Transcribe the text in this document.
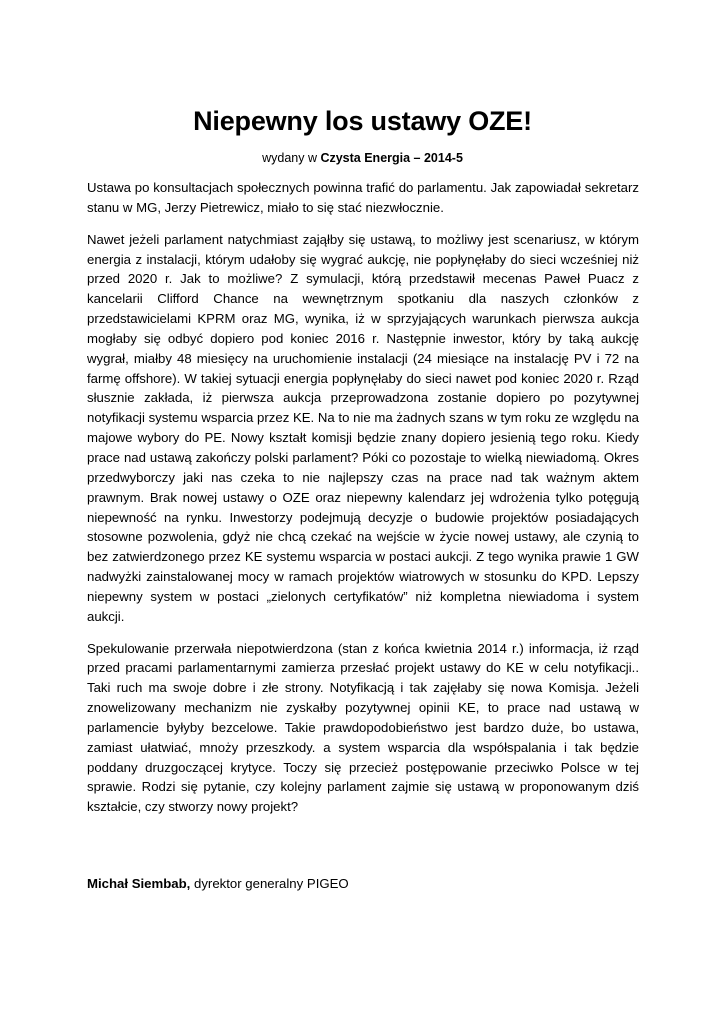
Niepewny los ustawy OZE!
wydany w Czysta Energia – 2014-5

Ustawa po konsultacjach społecznych powinna trafić do parlamentu. Jak zapowiadał sekretarz stanu w MG, Jerzy Pietrewicz, miało to się stać niezwłocznie.

Nawet jeżeli parlament natychmiast zająłby się ustawą, to możliwy jest scenariusz, w którym energia z instalacji, którym udałoby się wygrać aukcję, nie popłynęłaby do sieci wcześniej niż przed 2020 r. Jak to możliwe? Z symulacji, którą przedstawił mecenas Paweł Puacz z kancelarii Clifford Chance na wewnętrznym spotkaniu dla naszych członków z przedstawicielami KPRM oraz MG, wynika, iż w sprzyjających warunkach pierwsza aukcja mogłaby się odbyć dopiero pod koniec 2016 r. Następnie inwestor, który by taką aukcję wygrał, miałby 48 miesięcy na uruchomienie instalacji (24 miesiące na instalację PV i 72 na farmę offshore). W takiej sytuacji energia popłynęłaby do sieci nawet pod koniec 2020 r. Rząd słusznie zakłada, iż pierwsza aukcja przeprowadzona zostanie dopiero po pozytywnej notyfikacji systemu wsparcia przez KE. Na to nie ma żadnych szans w tym roku ze względu na majowe wybory do PE. Nowy kształt komisji będzie znany dopiero jesienią tego roku. Kiedy prace nad ustawą zakończy polski parlament? Póki co pozostaje to wielką niewiadomą. Okres przedwyborczy jaki nas czeka to nie najlepszy czas na prace nad tak ważnym aktem prawnym. Brak nowej ustawy o OZE oraz niepewny kalendarz jej wdrożenia tylko potęgują niepewność na rynku. Inwestorzy podejmują decyzje o budowie projektów posiadających stosowne pozwolenia, gdyż nie chcą czekać na wejście w życie nowej ustawy, ale czynią to bez zatwierdzonego przez KE systemu wsparcia w postaci aukcji. Z tego wynika prawie 1 GW nadwyżki zainstalowanej mocy w ramach projektów wiatrowych w stosunku do KPD. Lepszy niepewny system w postaci „zielonych certyfikatów” niż kompletna niewiadoma i system aukcji.

Spekulowanie przerwała niepotwierdzona (stan z końca kwietnia 2014 r.) informacja, iż rząd przed pracami parlamentarnymi zamierza przesłać projekt ustawy do KE w celu notyfikacji.. Taki ruch ma swoje dobre i złe strony. Notyfikacją i tak zajęłaby się nowa Komisja. Jeżeli znowelizowany mechanizm nie zyskałby pozytywnej opinii KE, to prace nad ustawą w parlamencie byłyby bezcelowe. Takie prawdopodobieństwo jest bardzo duże, bo ustawa, zamiast ułatwiać, mnoży przeszkody. a system wsparcia dla współspalania i tak będzie poddany druzgoczącej krytyce. Toczy się przecież postępowanie przeciwko Polsce w tej sprawie. Rodzi się pytanie, czy kolejny parlament zajmie się ustawą w proponowanym dziś kształcie, czy stworzy nowy projekt?

Michał Siembab, dyrektor generalny PIGEO
